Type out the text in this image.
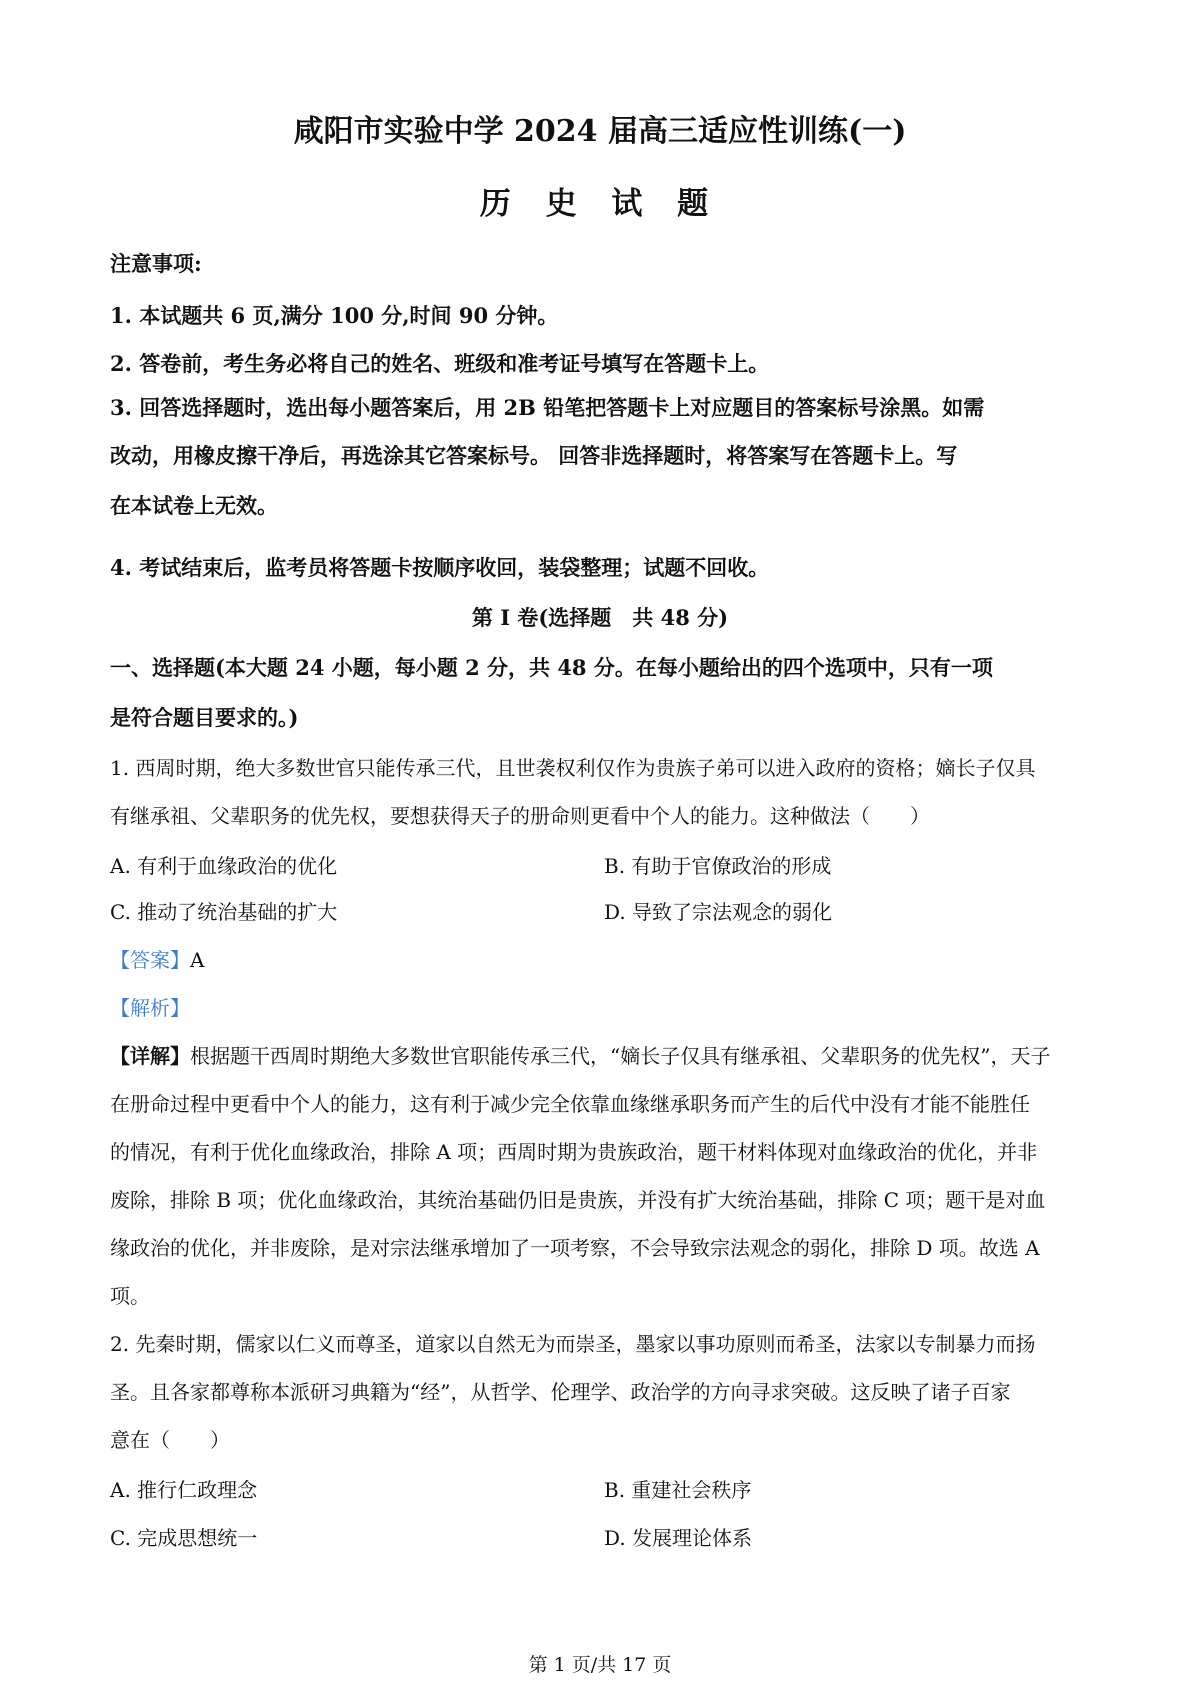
咸阳市实验中学 2024 届高三适应性训练(一)
历 史 试 题
注意事项:
1. 本试题共 6 页,满分 100 分,时间 90 分钟。
2. 答卷前，考生务必将自己的姓名、班级和准考证号填写在答题卡上。
3. 回答选择题时，选出每小题答案后，用 2B 铅笔把答题卡上对应题目的答案标号涂黑。如需
改动，用橡皮擦干净后，再选涂其它答案标号。 回答非选择题时，将答案写在答题卡上。写
在本试卷上无效。
4. 考试结束后，监考员将答题卡按顺序收回，装袋整理；试题不回收。
第 I 卷(选择题　共 48 分)
一、选择题(本大题 24 小题，每小题 2 分，共 48 分。在每小题给出的四个选项中，只有一项
是符合题目要求的。)
1. 西周时期，绝大多数世官只能传承三代，且世袭权利仅作为贵族子弟可以进入政府的资格；嫡长子仅具
有继承祖、父辈职务的优先权，要想获得天子的册命则更看中个人的能力。这种做法（　　）
A. 有利于血缘政治的优化	B. 有助于官僚政治的形成
C. 推动了统治基础的扩大	D. 导致了宗法观念的弱化
【答案】A
【解析】
【详解】根据题干西周时期绝大多数世官职能传承三代，“嫡长子仅具有继承祖、父辈职务的优先权”，天子
在册命过程中更看中个人的能力，这有利于减少完全依靠血缘继承职务而产生的后代中没有才能不能胜任
的情况，有利于优化血缘政治，排除 A 项；西周时期为贵族政治，题干材料体现对血缘政治的优化，并非
废除，排除 B 项；优化血缘政治，其统治基础仍旧是贵族，并没有扩大统治基础，排除 C 项；题干是对血
缘政治的优化，并非废除，是对宗法继承增加了一项考察，不会导致宗法观念的弱化，排除 D 项。故选 A
项。
2. 先秦时期，儒家以仁义而尊圣，道家以自然无为而崇圣，墨家以事功原则而希圣，法家以专制暴力而扬
圣。且各家都尊称本派研习典籍为“经”，从哲学、伦理学、政治学的方向寻求突破。这反映了诸子百家
意在（　　）
A. 推行仁政理念	B. 重建社会秩序
C. 完成思想统一	D. 发展理论体系
第 1 页/共 17 页
